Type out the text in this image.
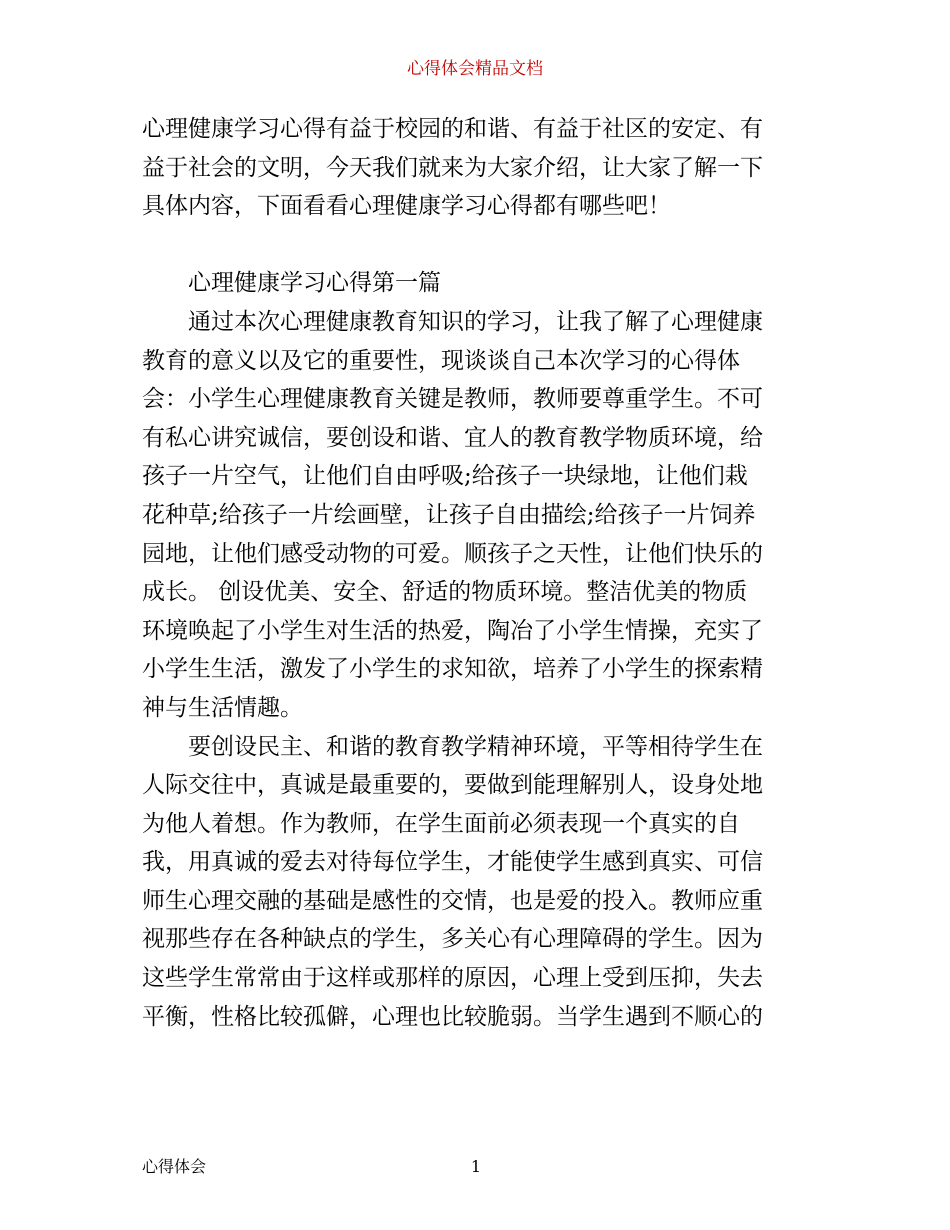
心得体会精品文档
心理健康学习心得有益于校园的和谐、有益于社区的安定、有
益于社会的文明，今天我们就来为大家介绍，让大家了解一下
具体内容，下面看看心理健康学习心得都有哪些吧！
心理健康学习心得第一篇
通过本次心理健康教育知识的学习，让我了解了心理健康
教育的意义以及它的重要性，现谈谈自己本次学习的心得体
会：小学生心理健康教育关键是教师，教师要尊重学生。不可
有私心讲究诚信，要创设和谐、宜人的教育教学物质环境，给
孩子一片空气，让他们自由呼吸;给孩子一块绿地，让他们栽
花种草;给孩子一片绘画壁，让孩子自由描绘;给孩子一片饲养
园地，让他们感受动物的可爱。顺孩子之天性，让他们快乐的
成长。 创设优美、安全、舒适的物质环境。整洁优美的物质
环境唤起了小学生对生活的热爱，陶冶了小学生情操，充实了
小学生生活，激发了小学生的求知欲，培养了小学生的探索精
神与生活情趣。
要创设民主、和谐的教育教学精神环境，平等相待学生在
人际交往中，真诚是最重要的，要做到能理解别人，设身处地
为他人着想。作为教师，在学生面前必须表现一个真实的自
我，用真诚的爱去对待每位学生，才能使学生感到真实、可信
师生心理交融的基础是感性的交情，也是爱的投入。教师应重
视那些存在各种缺点的学生，多关心有心理障碍的学生。因为
这些学生常常由于这样或那样的原因，心理上受到压抑，失去
平衡，性格比较孤僻，心理也比较脆弱。当学生遇到不顺心的
心得体会	1
